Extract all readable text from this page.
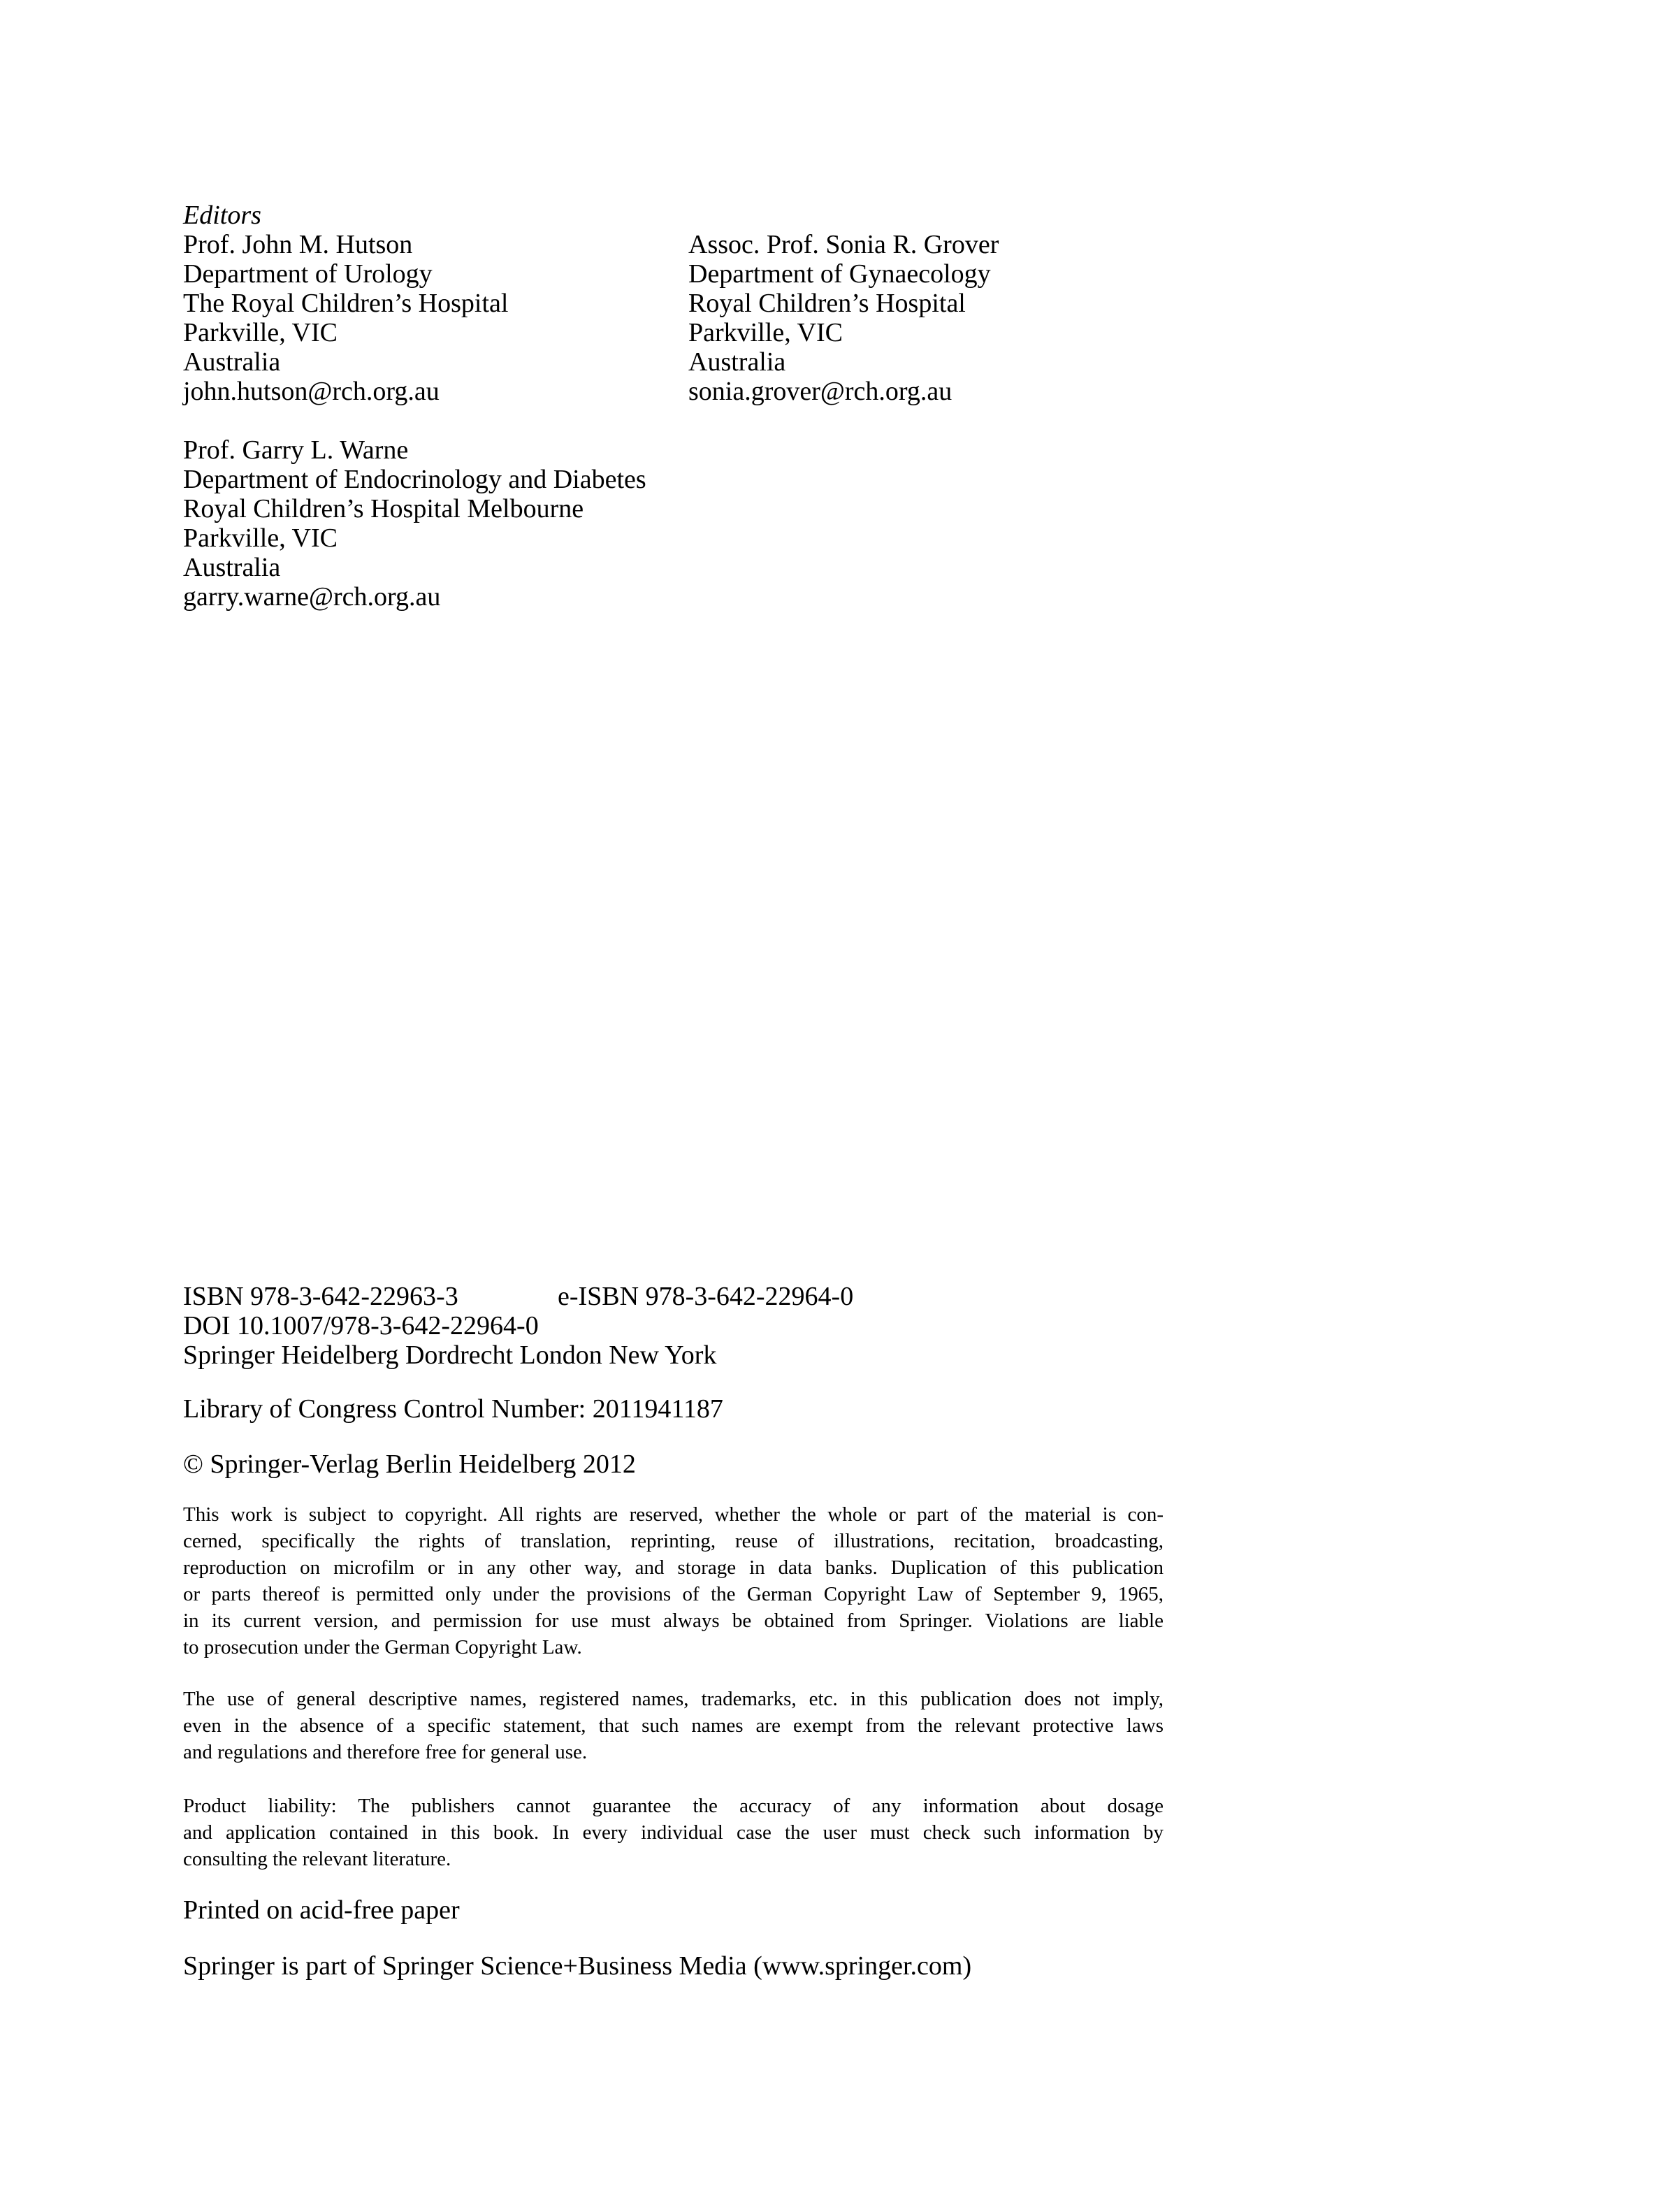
Editors
Prof. John M. Hutson
Department of Urology
The Royal Children’s Hospital
Parkville, VIC
Australia
john.hutson@rch.org.au
Assoc. Prof. Sonia R. Grover
Department of Gynaecology
Royal Children’s Hospital
Parkville, VIC
Australia
sonia.grover@rch.org.au
Prof. Garry L. Warne
Department of Endocrinology and Diabetes
Royal Children’s Hospital Melbourne
Parkville, VIC
Australia
garry.warne@rch.org.au
ISBN 978-3-642-22963-3	e-ISBN 978-3-642-22964-0
DOI 10.1007/978-3-642-22964-0
Springer Heidelberg Dordrecht London New York
Library of Congress Control Number: 2011941187
© Springer-Verlag Berlin Heidelberg 2012
This work is subject to copyright. All rights are reserved, whether the whole or part of the material is con-
cerned, specifically the rights of translation, reprinting, reuse of illustrations, recitation, broadcasting,
reproduction on microfilm or in any other way, and storage in data banks. Duplication of this publication
or parts thereof is permitted only under the provisions of the German Copyright Law of September 9, 1965,
in its current version, and permission for use must always be obtained from Springer. Violations are liable
to prosecution under the German Copyright Law.
The use of general descriptive names, registered names, trademarks, etc. in this publication does not imply,
even in the absence of a specific statement, that such names are exempt from the relevant protective laws
and regulations and therefore free for general use.
Product liability: The publishers cannot guarantee the accuracy of any information about dosage
and application contained in this book. In every individual case the user must check such information by
consulting the relevant literature.
Printed on acid-free paper
Springer is part of Springer Science+Business Media (www.springer.com)
